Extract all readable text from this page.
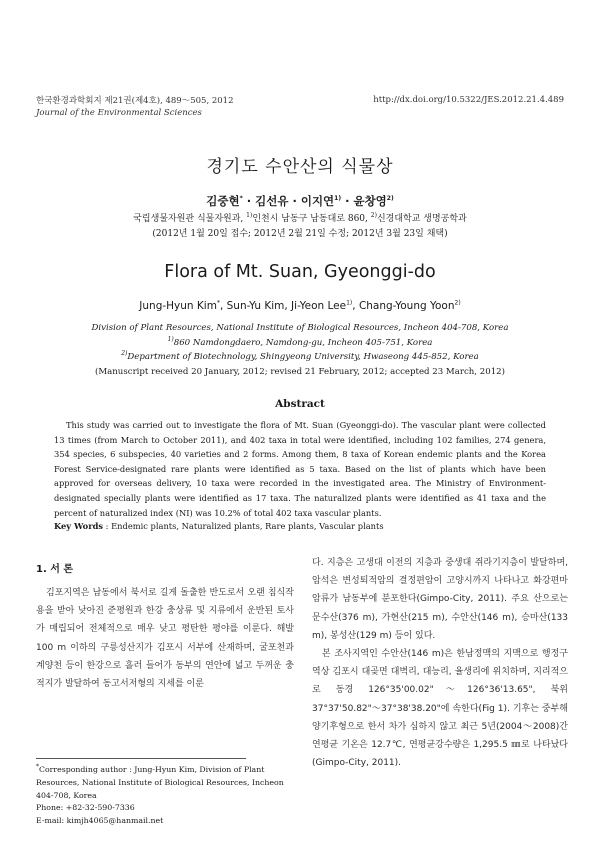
한국환경과학회지 제21권(제4호), 489～505, 2012
Journal of the Environmental Sciences
http://dx.doi.org/10.5322/JES.2012.21.4.489
경기도 수안산의 식물상
김중현* · 김선유 · 이지연$^{1)}$ · 윤창영$^{2)}$
국립생물자원관 식물자원과, $^{1)}$인천시 남동구 남동대로 860, $^{2)}$신경대학교 생명공학과
(2012년 1월 20일 접수; 2012년 2월 21일 수정; 2012년 3월 23일 채택)
Flora of Mt. Suan, Gyeonggi-do
Jung-Hyun Kim*, Sun-Yu Kim, Ji-Yeon Lee$^{1)}$, Chang-Young Yoon$^{2)}$
Division of Plant Resources, National Institute of Biological Resources, Incheon 404-708, Korea
$^{1)}$860 Namdongdaero, Namdong-gu, Incheon 405-751, Korea
$^{2)}$Department of Biotechnology, Shingyeong University, Hwaseong 445-852, Korea
(Manuscript received 20 January, 2012; revised 21 February, 2012; accepted 23 March, 2012)
Abstract
This study was carried out to investigate the flora of Mt. Suan (Gyeonggi-do). The vascular plant were collected 13 times (from March to October 2011), and 402 taxa in total were identified, including 102 families, 274 genera, 354 species, 6 subspecies, 40 varieties and 2 forms. Among them, 8 taxa of Korean endemic plants and the Korea Forest Service-designated rare plants were identified as 5 taxa. Based on the list of plants which have been approved for overseas delivery, 10 taxa were recorded in the investigated area. The Ministry of Environment-designated specially plants were identified as 17 taxa. The naturalized plants were identified as 41 taxa and the percent of naturalized index (NI) was 10.2% of total 402 taxa vascular plants.
Key Words : Endemic plants, Naturalized plants, Rare plants, Vascular plants
1. 서 론
김포지역은 남동에서 북서로 길게 돌출한 반도로서 오랜 침식작용을 받아 낮아진 준평원과 한강 충상류 및 지류에서 운반된 토사가 매립되어 전체적으로 매우 낮고 평탄한 평야를 이룬다. 해발 100 m 이하의 구릉성산지가 김포시 서부에 산재하며, 굴포천과 계양천 등이 한강으로 흘러 들어가 동부의 연안에 넓고 두꺼운 충적지가 발달하여 동고서저형의 지세를 이룬

다. 지층은 고생대 이전의 지층과 중생대 쥐라기지층이 발달하며, 암석은 변성퇴적암의 결정편암이 고양시까지 나타나고 화강편마암류가 남동부에 분포한다(Gimpo-City, 2011). 주요 산으로는 문수산(376 m), 가현산(215 m), 수안산(146 m), 승마산(133 m), 봉성산(129 m) 등이 있다.

본 조사지역인 수안산(146 m)은 한남정맥의 지맥으로 행정구역상 김포시 대곶면 대벽리, 대능리, 율생리에 위치하며, 지리적으로 동경 126°35'00.02"～126°36'13.65", 북위 37°37'50.82"～37°38'38.20"에 속한다(Fig 1). 기후는 중부해양기후형으로 한서 차가 심하지 않고 최근 5년(2004～2008)간 연평균 기온은 12.7℃, 연평균강수량은 1,295.5 ㎜로 나타났다(Gimpo-City, 2011).

*Corresponding author : Jung-Hyun Kim, Division of Plant Resources, National Institute of Biological Resources, Incheon 404-708, Korea
Phone: +82-32-590-7336
E-mail: kimjh4065@hanmail.net
